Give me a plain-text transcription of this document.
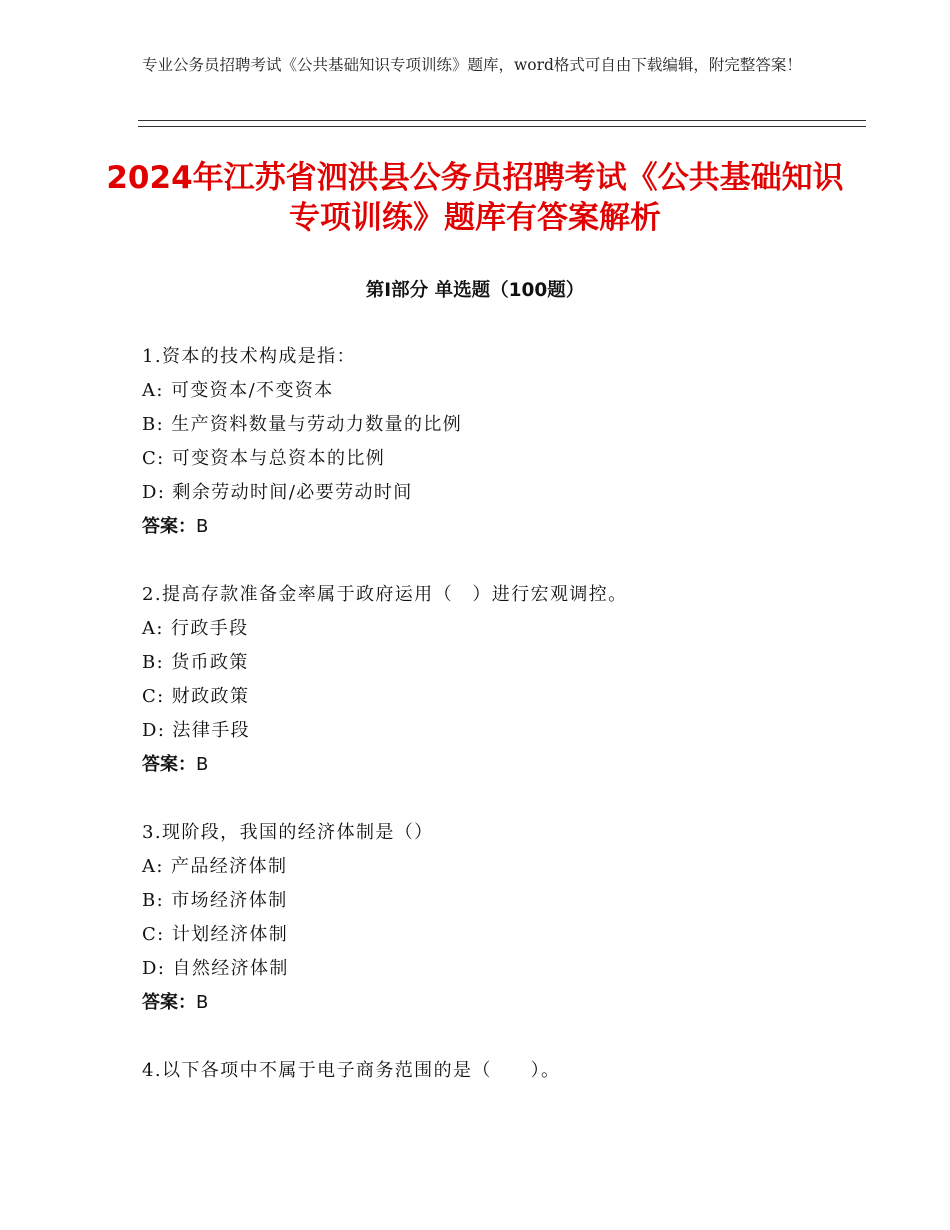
专业公务员招聘考试《公共基础知识专项训练》题库，word格式可自由下载编辑，附完整答案！
2024年江苏省泗洪县公务员招聘考试《公共基础知识专项训练》题库有答案解析
第I部分 单选题（100题）
1.资本的技术构成是指：
A: 可变资本/不变资本
B: 生产资料数量与劳动力数量的比例
C: 可变资本与总资本的比例
D: 剩余劳动时间/必要劳动时间
答案：B
2.提高存款准备金率属于政府运用（　）进行宏观调控。
A: 行政手段
B: 货币政策
C: 财政政策
D: 法律手段
答案：B
3.现阶段，我国的经济体制是（）
A: 产品经济体制
B: 市场经济体制
C: 计划经济体制
D: 自然经济体制
答案：B
4.以下各项中不属于电子商务范围的是（　　）。
